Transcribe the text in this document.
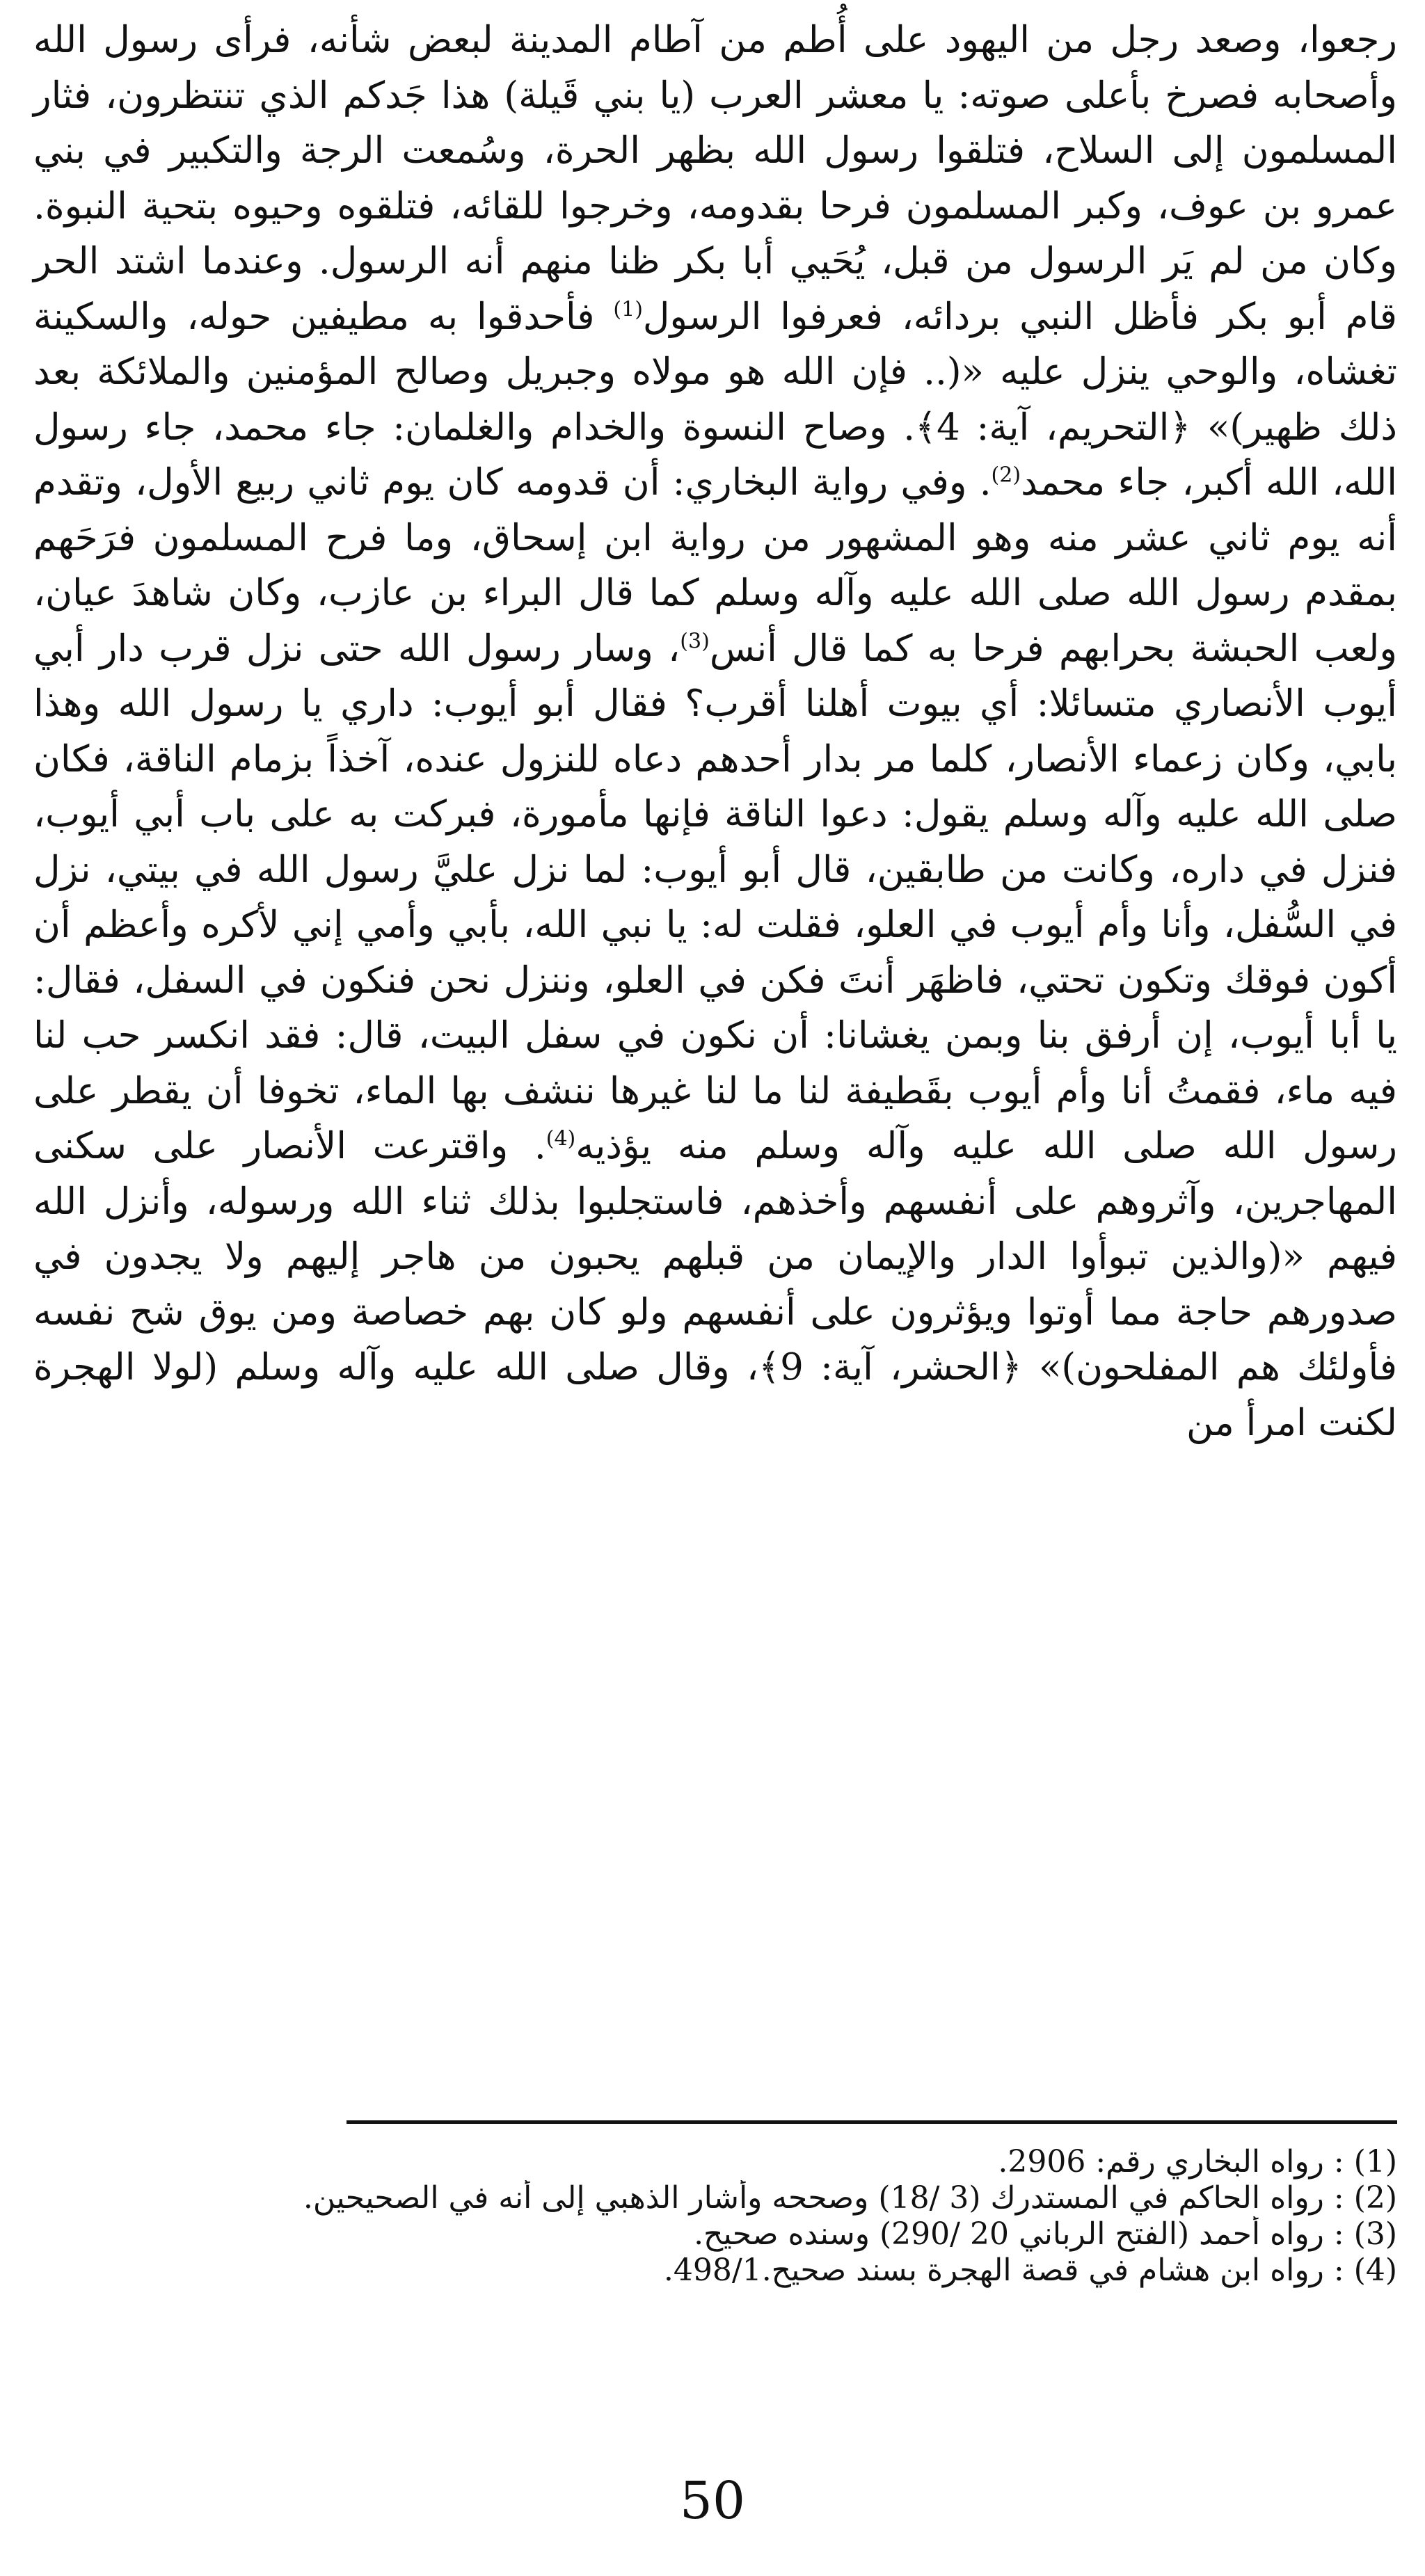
رجعوا، وصعد رجل من اليهود على أُطم من آطام المدينة لبعض شأنه، فرأى رسول الله وأصحابه فصرخ بأعلى صوته: يا معشر العرب (يا بني قَيلة) هذا جَدكم الذي تنتظرون، فثار المسلمون إلى السلاح، فتلقوا رسول الله بظهر الحرة، وسُمعت الرجة والتكبير في بني عمرو بن عوف، وكبر المسلمون فرحا بقدومه، وخرجوا للقائه، فتلقوه وحيوه بتحية النبوة. وكان من لم يَر الرسول من قبل، يُحَيي أبا بكر ظنا منهم أنه الرسول. وعندما اشتد الحر قام أبو بكر فأظل النبي بردائه، فعرفوا الرسول$^{(1)}$ فأحدقوا به مطيفين حوله، والسكينة تغشاه، والوحي ينزل عليه «(.. فإن الله هو مولاه وجبريل وصالح المؤمنين والملائكة بعد ذلك ظهير)» ﴿التحريم، آية: 4﴾. وصاح النسوة والخدام والغلمان: جاء محمد، جاء رسول الله، الله أكبر، جاء محمد$^{(2)}$. وفي رواية البخاري: أن قدومه كان يوم ثاني ربيع الأول، وتقدم أنه يوم ثاني عشر منه وهو المشهور من رواية ابن إسحاق، وما فرح المسلمون فرَحَهم بمقدم رسول الله صلى الله عليه وآله وسلم كما قال البراء بن عازب، وكان شاهدَ عيان، ولعب الحبشة بحرابهم فرحا به كما قال أنس$^{(3)}$، وسار رسول الله حتى نزل قرب دار أبي أيوب الأنصاري متسائلا: أي بيوت أهلنا أقرب؟ فقال أبو أيوب: داري يا رسول الله وهذا بابي، وكان زعماء الأنصار، كلما مر بدار أحدهم دعاه للنزول عنده، آخذاً بزمام الناقة، فكان صلى الله عليه وآله وسلم يقول: دعوا الناقة فإنها مأمورة، فبركت به على باب أبي أيوب، فنزل في داره، وكانت من طابقين، قال أبو أيوب: لما نزل عليَّ رسول الله في بيتي، نزل في السُّفل، وأنا وأم أيوب في العلو، فقلت له: يا نبي الله، بأبي وأمي إني لأكره وأعظم أن أكون فوقك وتكون تحتي، فاظهَر أنتَ فكن في العلو، وننزل نحن فنكون في السفل، فقال: يا أبا أيوب، إن أرفق بنا وبمن يغشانا: أن نكون في سفل البيت، قال: فقد انكسر حب لنا فيه ماء، فقمتُ أنا وأم أيوب بقَطيفة لنا ما لنا غيرها ننشف بها الماء، تخوفا أن يقطر على رسول الله صلى الله عليه وآله وسلم منه يؤذيه$^{(4)}$. واقترعت الأنصار على سكنى المهاجرين، وآثروهم على أنفسهم وأخذهم، فاستجلبوا بذلك ثناء الله ورسوله، وأنزل الله فيهم «(والذين تبوأوا الدار والإيمان من قبلهم يحبون من هاجر إليهم ولا يجدون في صدورهم حاجة مما أوتوا ويؤثرون على أنفسهم ولو كان بهم خصاصة ومن يوق شح نفسه فأولئك هم المفلحون)» ﴿الحشر، آية: 9﴾، وقال صلى الله عليه وآله وسلم (لولا الهجرة لكنت امرأ من

(1) : رواه البخاري رقم: 2906.
(2) : رواه الحاكم في المستدرك (3 /18) وصححه وأشار الذهبي إلى أنه في الصحيحين.
(3) : رواه أحمد (الفتح الرباني 20 /290) وسنده صحيح.
(4) : رواه ابن هشام في قصة الهجرة بسند صحيح.498/1.
50
